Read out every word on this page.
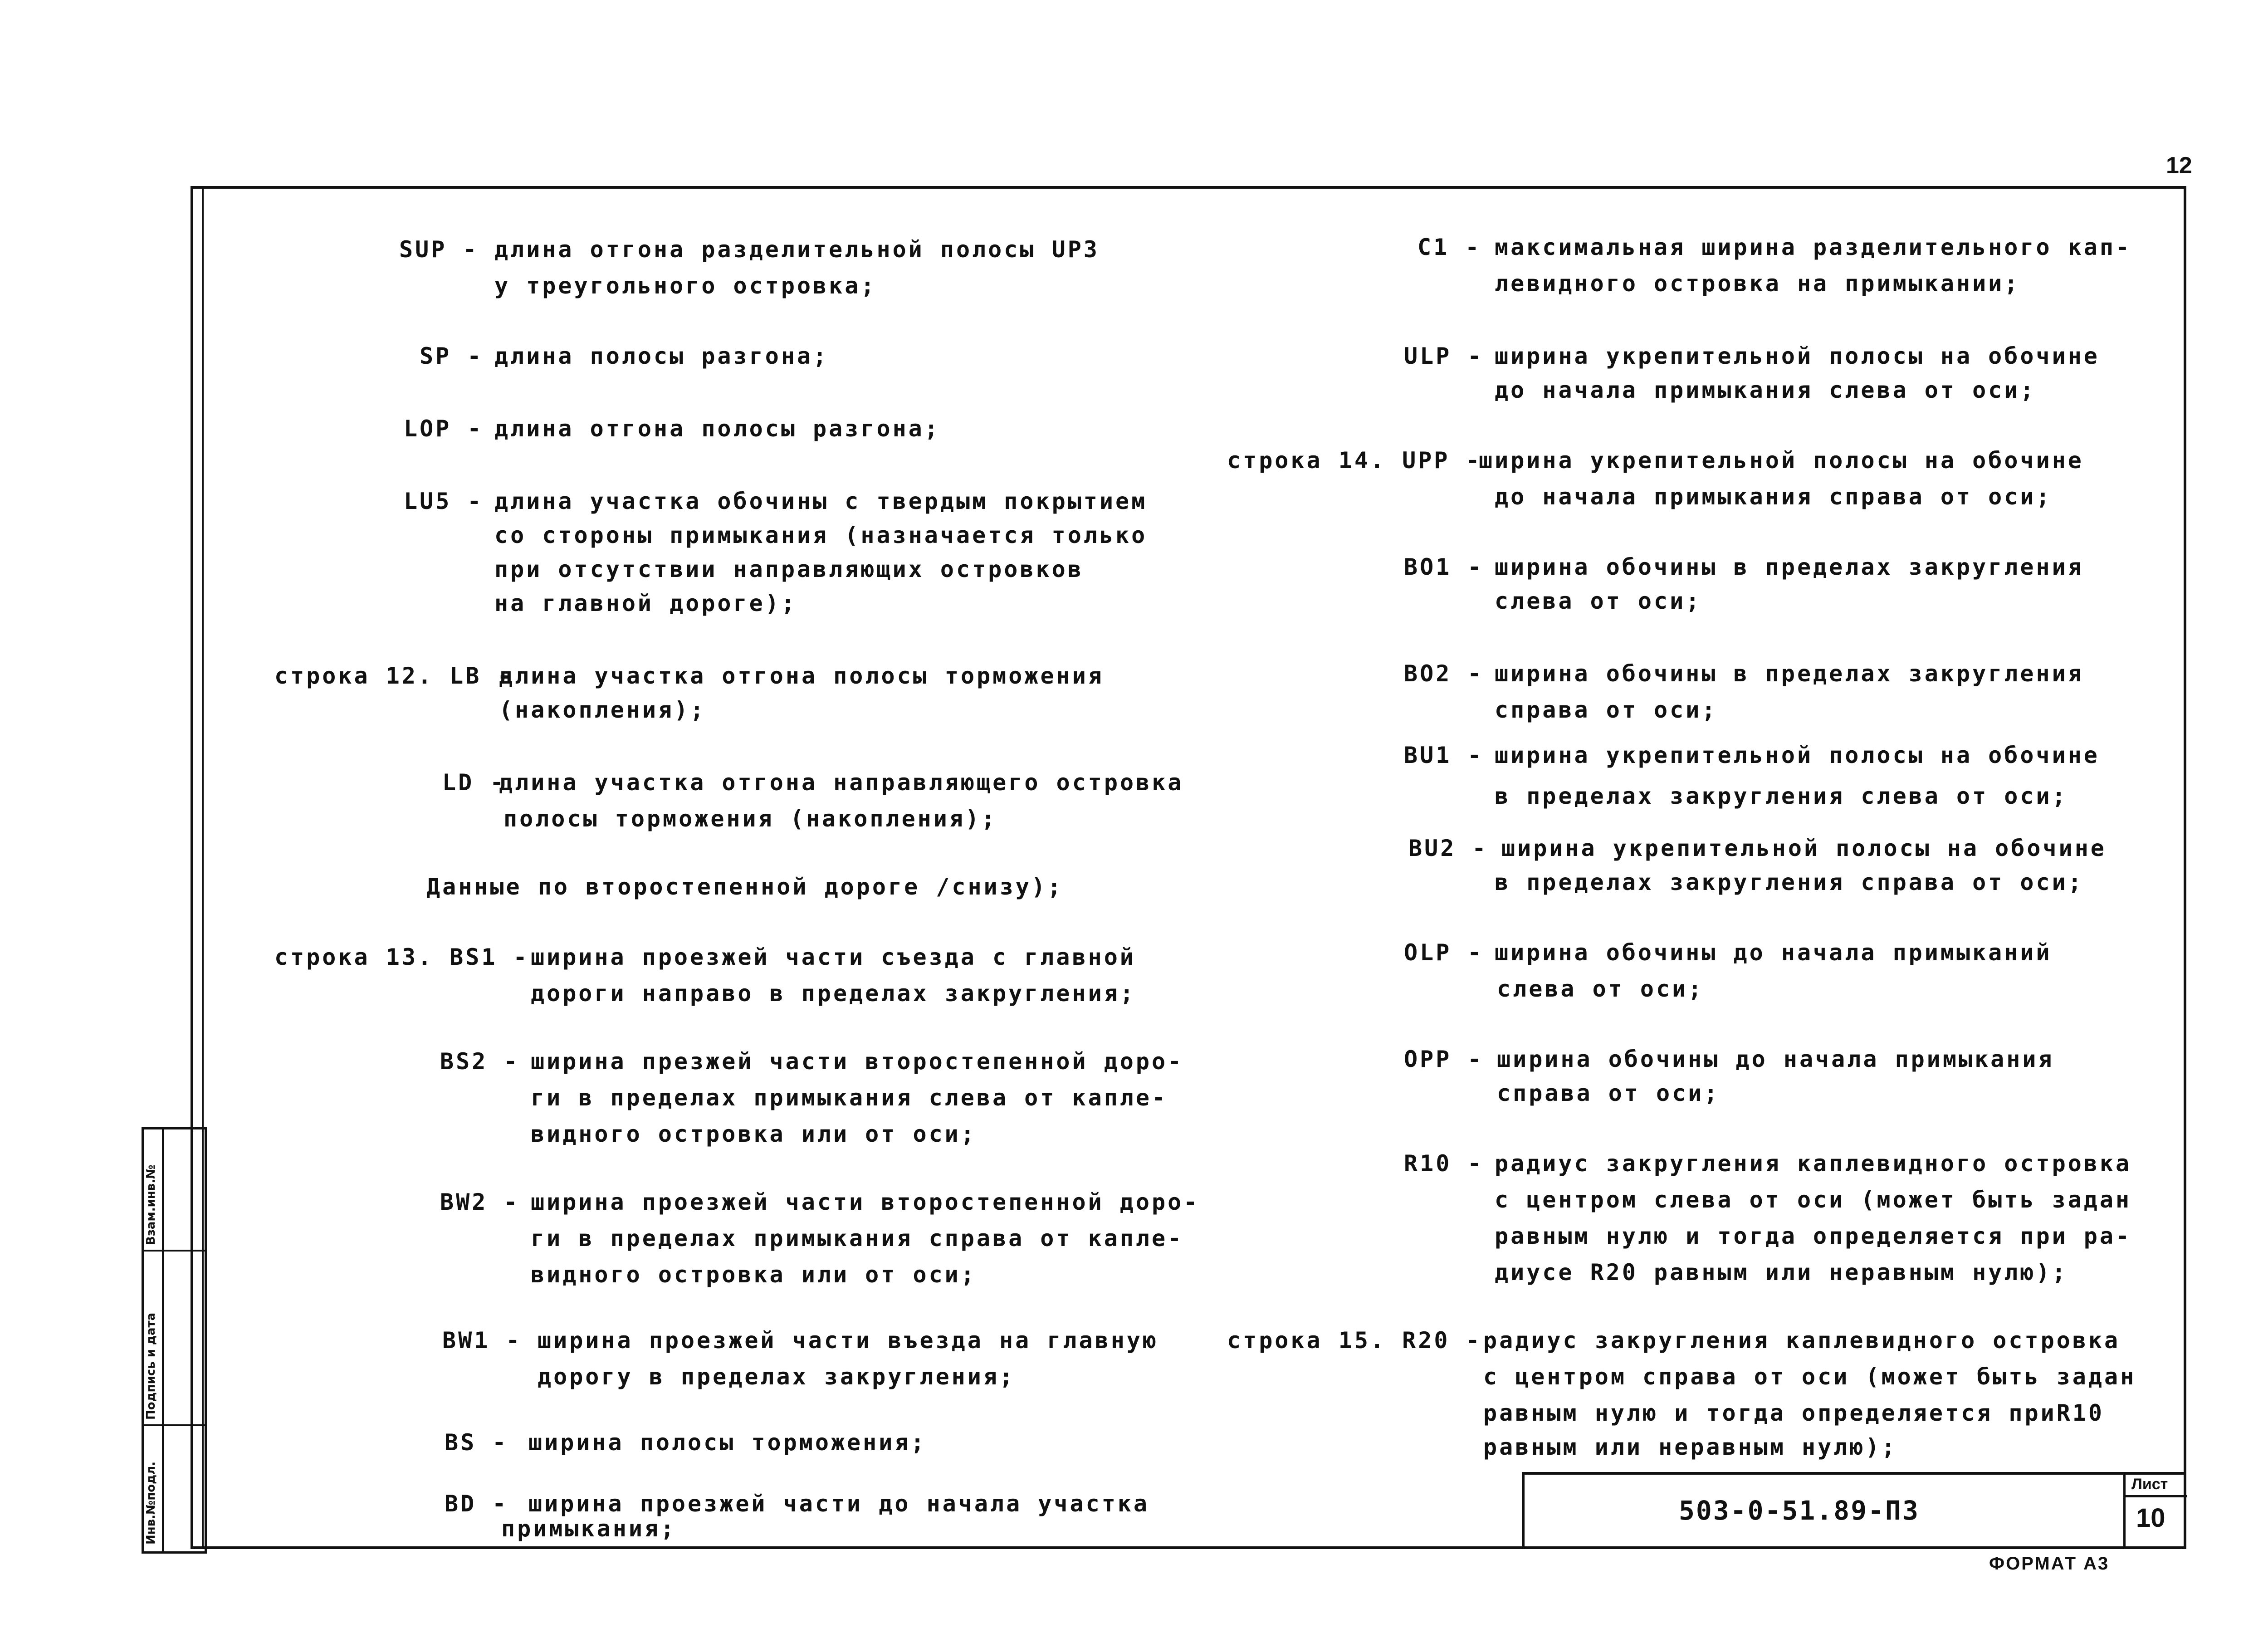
12
Инв.№подл.
Подпись и дата
Взам.инв.№
SUP - длина отгона разделительной полосы UP3
у треугольного островка;
SP - длина полосы разгона;
LOP - длина отгона полосы разгона;
LU5 - длина участка обочины с твердым покрытием
со стороны примыкания (назначается только
при отсутствии направляющих островков
на главной дороге);
строка 12. LB -
длина участка отгона полосы торможения
(накопления);
LD -
длина участка отгона направляющего островка
полосы торможения (накопления);
Данные по второстепенной дороге /снизу);
строка 13. BS1 - ширина проезжей части съезда с главной
дороги направо в пределах закругления;
BS2 - ширина презжей части второстепенной доро-
ги в пределах примыкания слева от капле-
видного островка или от оси;
BW2 - ширина проезжей части второстепенной доро-
ги в пределах примыкания справа от капле-
видного островка или от оси;
BW1 - ширина проезжей части въезда на главную
дорогу в пределах закругления;
BS - ширина полосы торможения;
BD - ширина проезжей части до начала участка
примыкания;
C1 - максимальная ширина разделительного кап-
левидного островка на примыкании;
ULP - ширина укрепительной полосы на обочине
до начала примыкания слева от оси;
строка 14. UPP -
ширина укрепительной полосы на обочине
до начала примыкания справа от оси;
BO1 - ширина обочины в пределах закругления
слева от оси;
BO2 - ширина обочины в пределах закругления
справа от оси;
BU1 - ширина укрепительной полосы на обочине
в пределах закругления слева от оси;
BU2 - ширина укрепительной полосы на обочине
в пределах закругления справа от оси;
OLP - ширина обочины до начала примыканий
слева от оси;
OPP - ширина обочины до начала примыкания
справа от оси;
R10 - радиус закругления каплевидного островка
с центром слева от оси (может быть задан
равным нулю и тогда определяется при ра-
диусе R20 равным или неравным нулю);
строка 15. R20 - радиус закругления каплевидного островка
с центром справа от оси (может быть задан
равным нулю и тогда определяется приR10
равным или неравным нулю);
503-0-51.89-ПЗ
Лист
10
ФОРМАТ А3
